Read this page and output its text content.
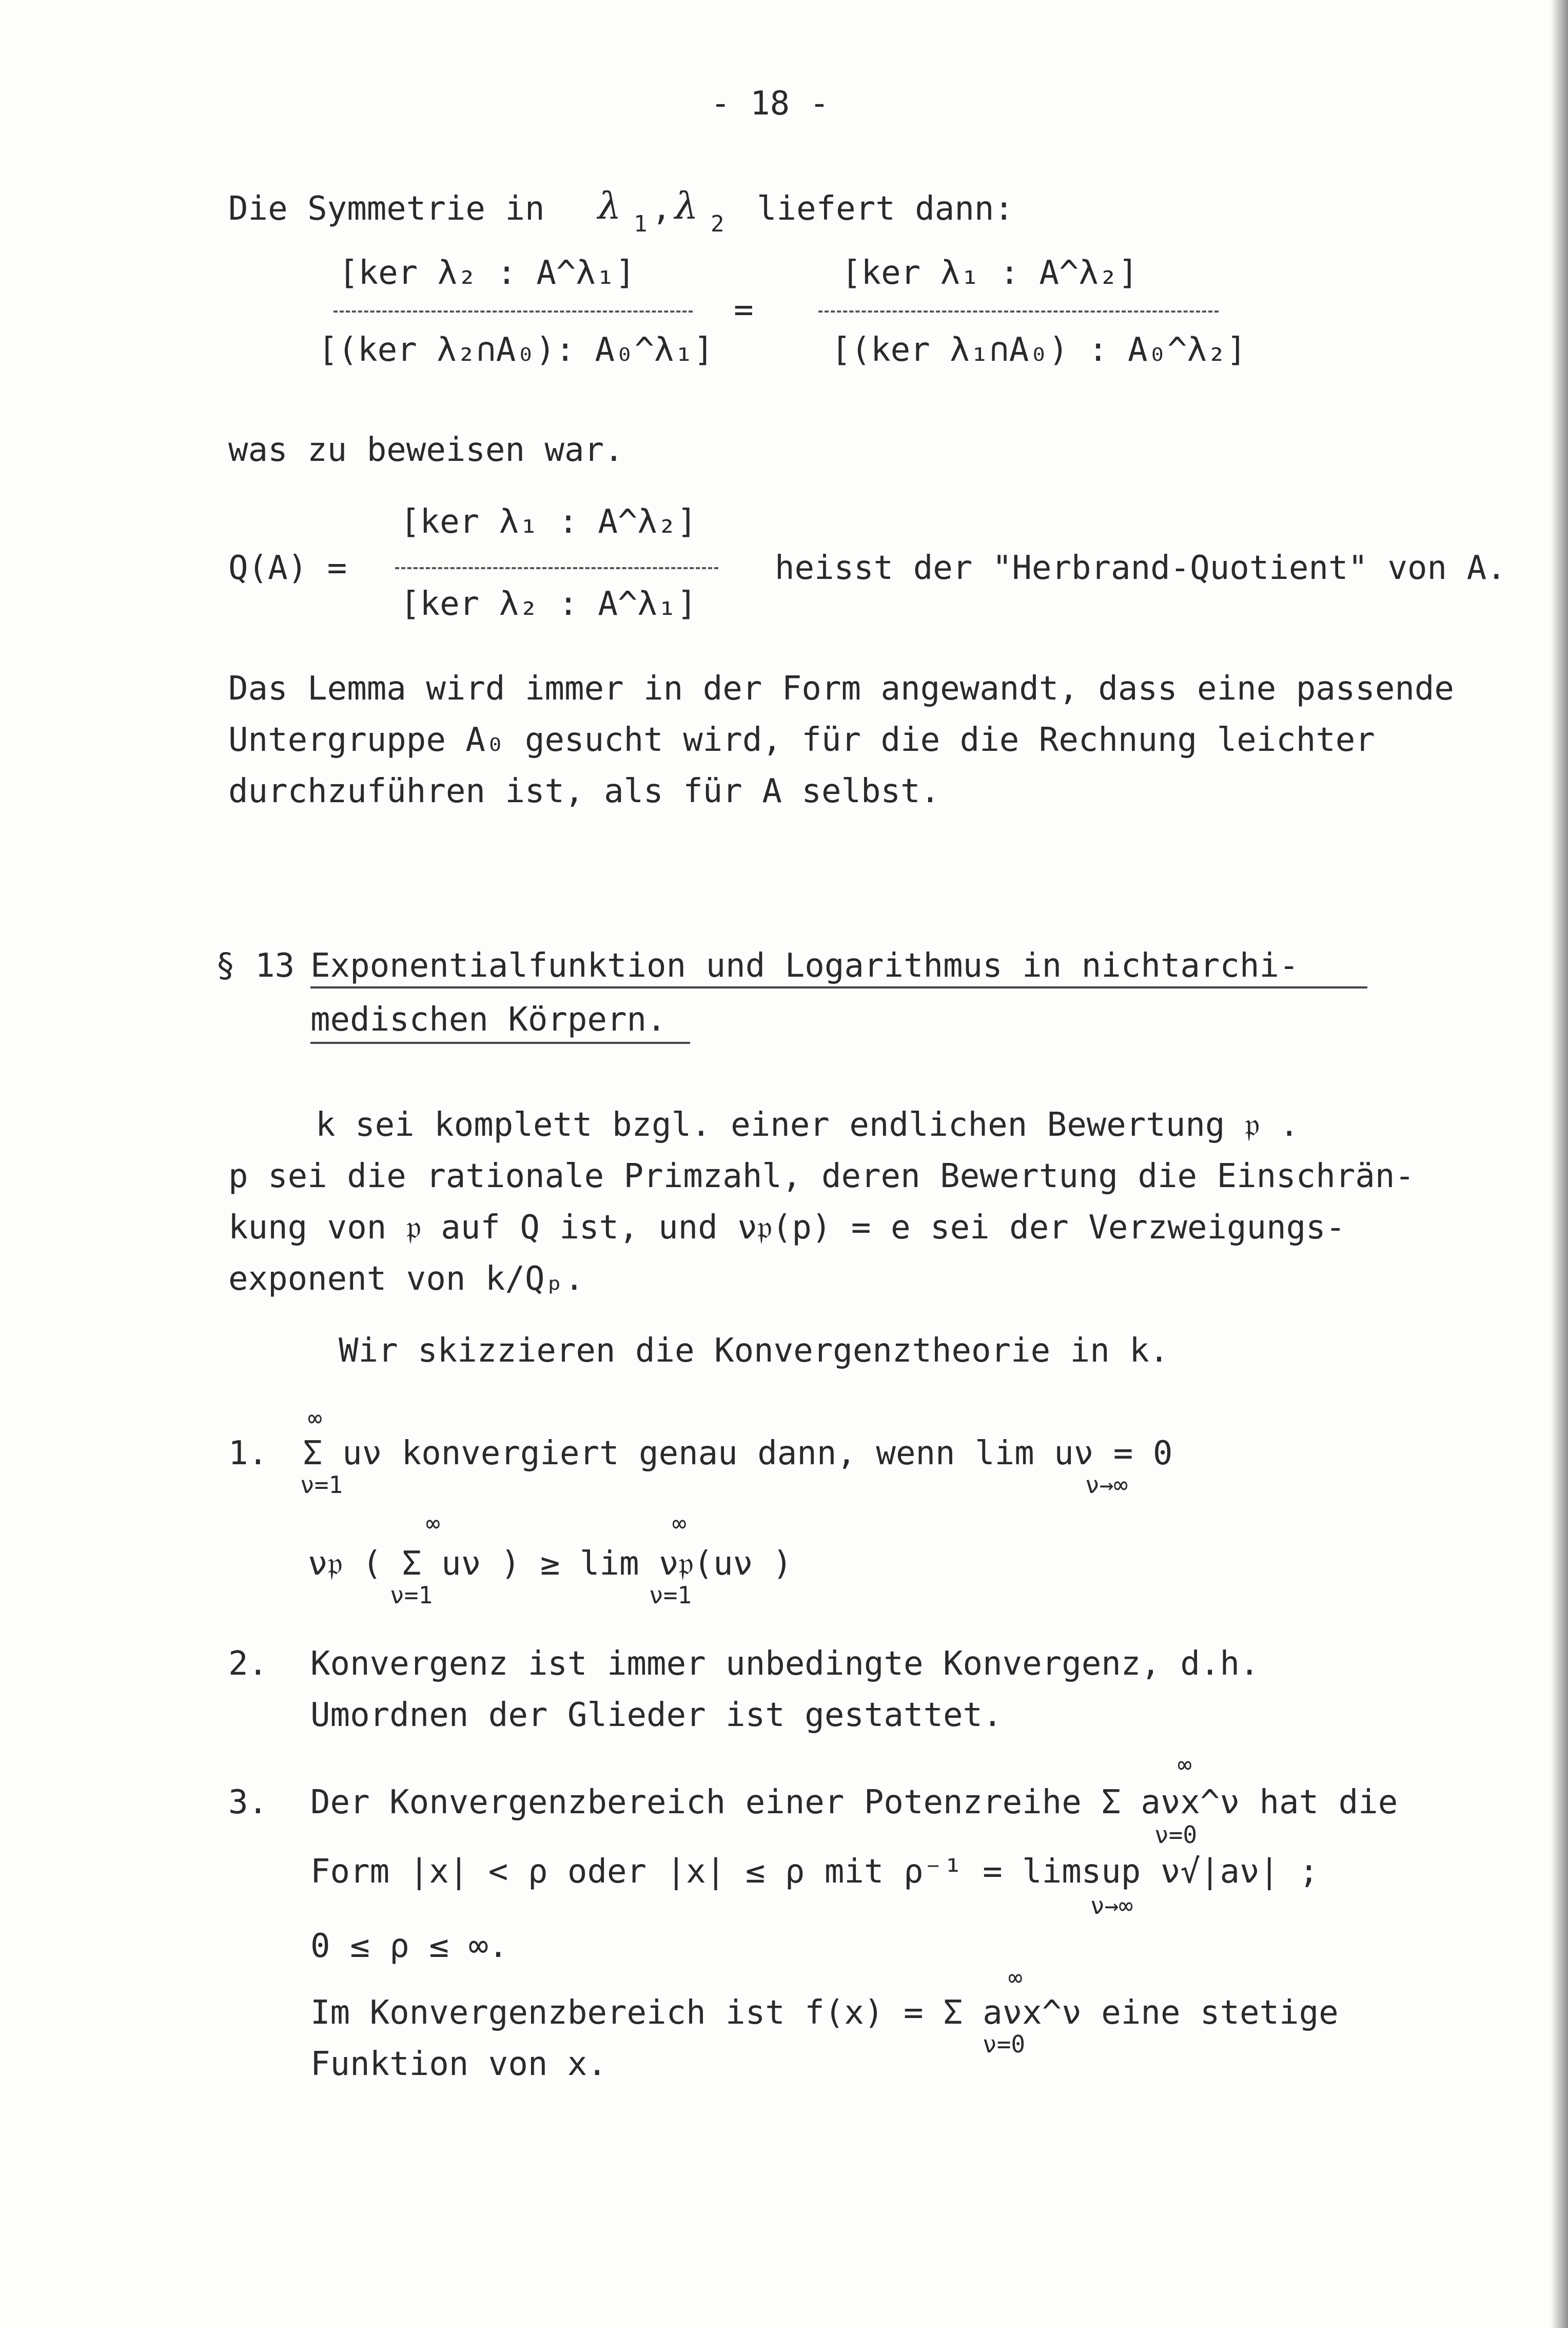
- 18 -
Die Symmetrie in λ 1 , λ 2 liefert dann:
[ker λ₂ : A^λ₁]
[(ker λ₂∩A₀): A₀^λ₁]
=
[ker λ₁ : A^λ₂]
[(ker λ₁∩A₀) : A₀^λ₂]
was zu beweisen war.
Q(A) =
[ker λ₁ : A^λ₂]
[ker λ₂ : A^λ₁]
heisst der "Herbrand-Quotient" von A.
Das Lemma wird immer in der Form angewandt, dass eine passende
Untergruppe A₀ gesucht wird, für die die Rechnung leichter
durchzuführen ist, als für A selbst.
§ 13 Exponentialfunktion und Logarithmus in nichtarchi-
medischen Körpern.
k sei komplett bzgl. einer endlichen Bewertung 𝔭 .
p sei die rationale Primzahl, deren Bewertung die Einschrän-
kung von 𝔭 auf Q ist, und ν𝔭(p) = e sei der Verzweigungs-
exponent von k/Qₚ.
Wir skizzieren die Konvergenztheorie in k.
1.
∞
ν=1
Σ uν konvergiert genau dann, wenn lim uν = 0
ν→∞
∞	∞
ν𝔭 ( Σ uν ) ≥ lim ν𝔭(uν )
ν=1	ν=1
2. Konvergenz ist immer unbedingte Konvergenz, d.h.
Umordnen der Glieder ist gestattet.
3.
∞
Der Konvergenzbereich einer Potenzreihe Σ aνx^ν hat die
ν=0
Form |x| < ρ oder |x| ≤ ρ mit ρ⁻¹ = limsup ν√|aν| ;
ν→∞
0 ≤ ρ ≤ ∞.
∞
Im Konvergenzbereich ist f(x) = Σ aνx^ν eine stetige
ν=0
Funktion von x.
